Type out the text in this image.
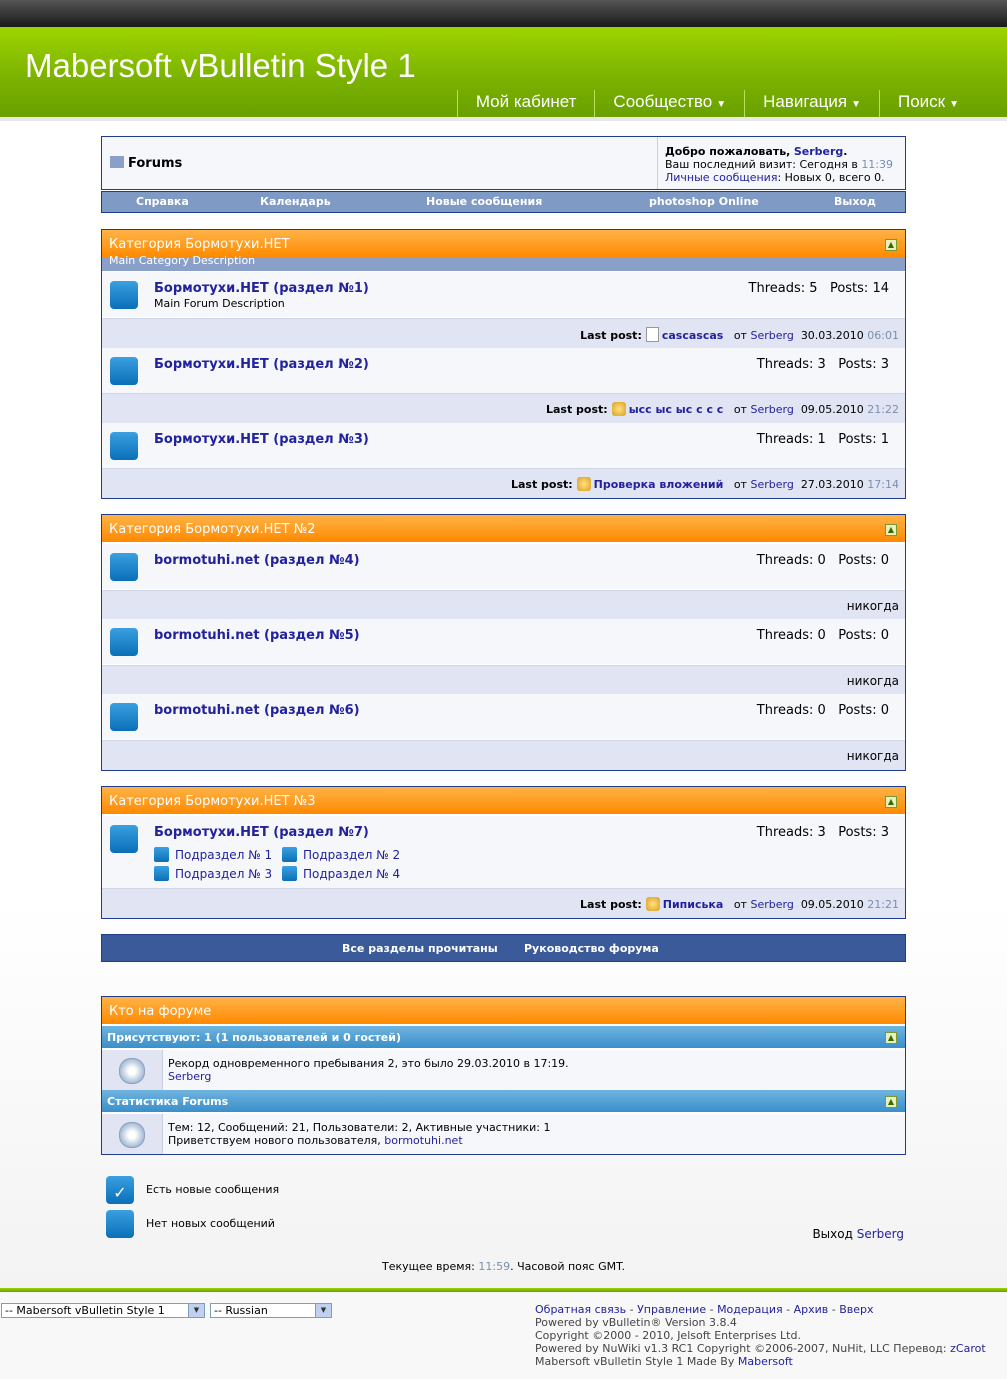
Mabersoft vBulletin Style 1
Мой кабинет	Сообщество ▼	Навигация ▼	Поиск ▼
Forums
Добро пожаловать, Serberg.
Ваш последний визит: Сегодня в 11:39
Личные сообщения: Новых 0, всего 0.
Справка	Календарь	Новые сообщения	photoshop Online	Выход
Категория Бормотухи.НЕТ	▲
Main Category Description
Бормотухи.НЕТ (раздел №1)
Main Forum Description
Threads: 5 Posts: 14
Last post: cascascas от Serberg 30.03.2010 06:01
Бормотухи.НЕТ (раздел №2)	Threads: 3 Posts: 3
Last post: ысс ыс ыс с с с от Serberg 09.05.2010 21:22
Бормотухи.НЕТ (раздел №3)	Threads: 1 Posts: 1
Last post: Проверка вложений от Serberg 27.03.2010 17:14
Категория Бормотухи.НЕТ №2	▲
bormotuhi.net (раздел №4)	Threads: 0 Posts: 0
никогда
bormotuhi.net (раздел №5)	Threads: 0 Posts: 0
никогда
bormotuhi.net (раздел №6)	Threads: 0 Posts: 0
никогда
Категория Бормотухи.НЕТ №3	▲
Бормотухи.НЕТ (раздел №7)	Threads: 3 Posts: 3
Подраздел № 1	Подраздел № 2
Подраздел № 3	Подраздел № 4
Last post: Пиписька от Serberg 09.05.2010 21:21
Все разделы прочитаны Руководство форума
Кто на форуме
Присутствуют: 1 (1 пользователей и 0 гостей)	▲
Рекорд одновременного пребывания 2, это было 29.03.2010 в 17:19.
Serberg
Статистика Forums	▲
Тем: 12, Сообщений: 21, Пользователи: 2, Активные участники: 1
Приветствуем нового пользователя, bormotuhi.net
✓ Есть новые сообщения
Нет новых сообщений
Выход Serberg
Текущее время: 11:59. Часовой пояс GMT.
-- Mabersoft vBulletin Style 1	▼	-- Russian	▼	Обратная связь - Управление - Модерация - Архив - Вверх
Powered by vBulletin® Version 3.8.4
Copyright ©2000 - 2010, Jelsoft Enterprises Ltd.
Powered by NuWiki v1.3 RC1 Copyright ©2006-2007, NuHit, LLC Перевод: zCarot
Mabersoft vBulletin Style 1 Made By Mabersoft
